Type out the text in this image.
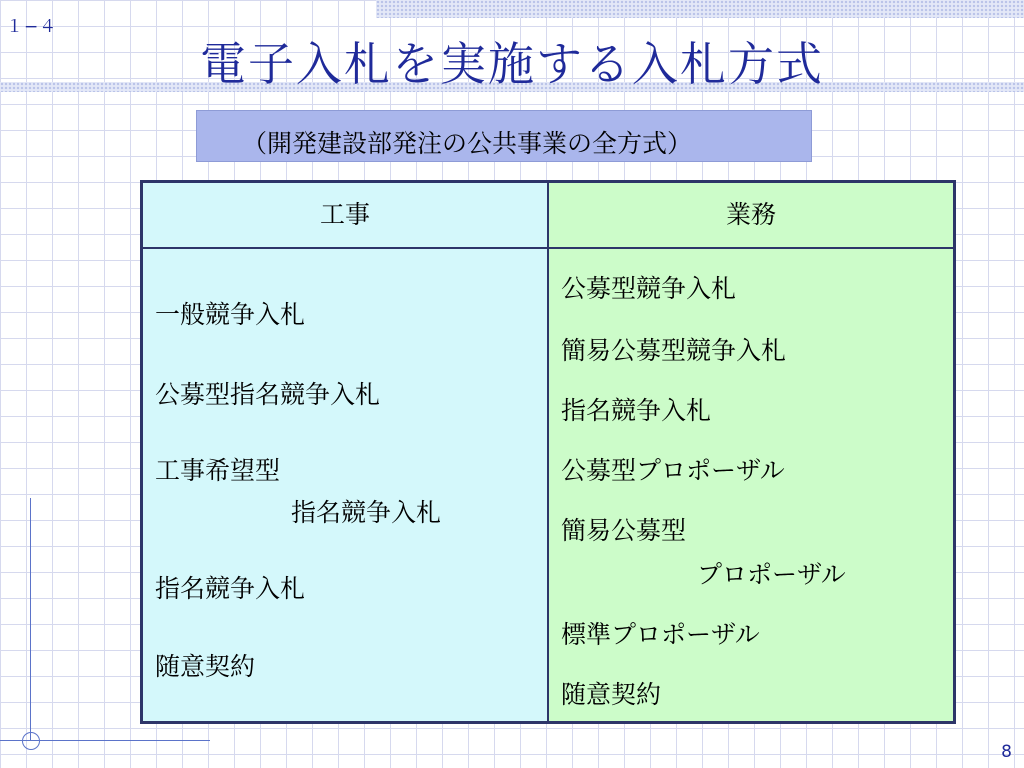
１−４
電子入札を実施する入札方式
（開発建設部発注の公共事業の全方式）
工事
一般競争入札
公募型指名競争入札
工事希望型
指名競争入札
指名競争入札
随意契約
業務
公募型競争入札
簡易公募型競争入札
指名競争入札
公募型プロポーザル
簡易公募型
プロポーザル
標準プロポーザル
随意契約
8
